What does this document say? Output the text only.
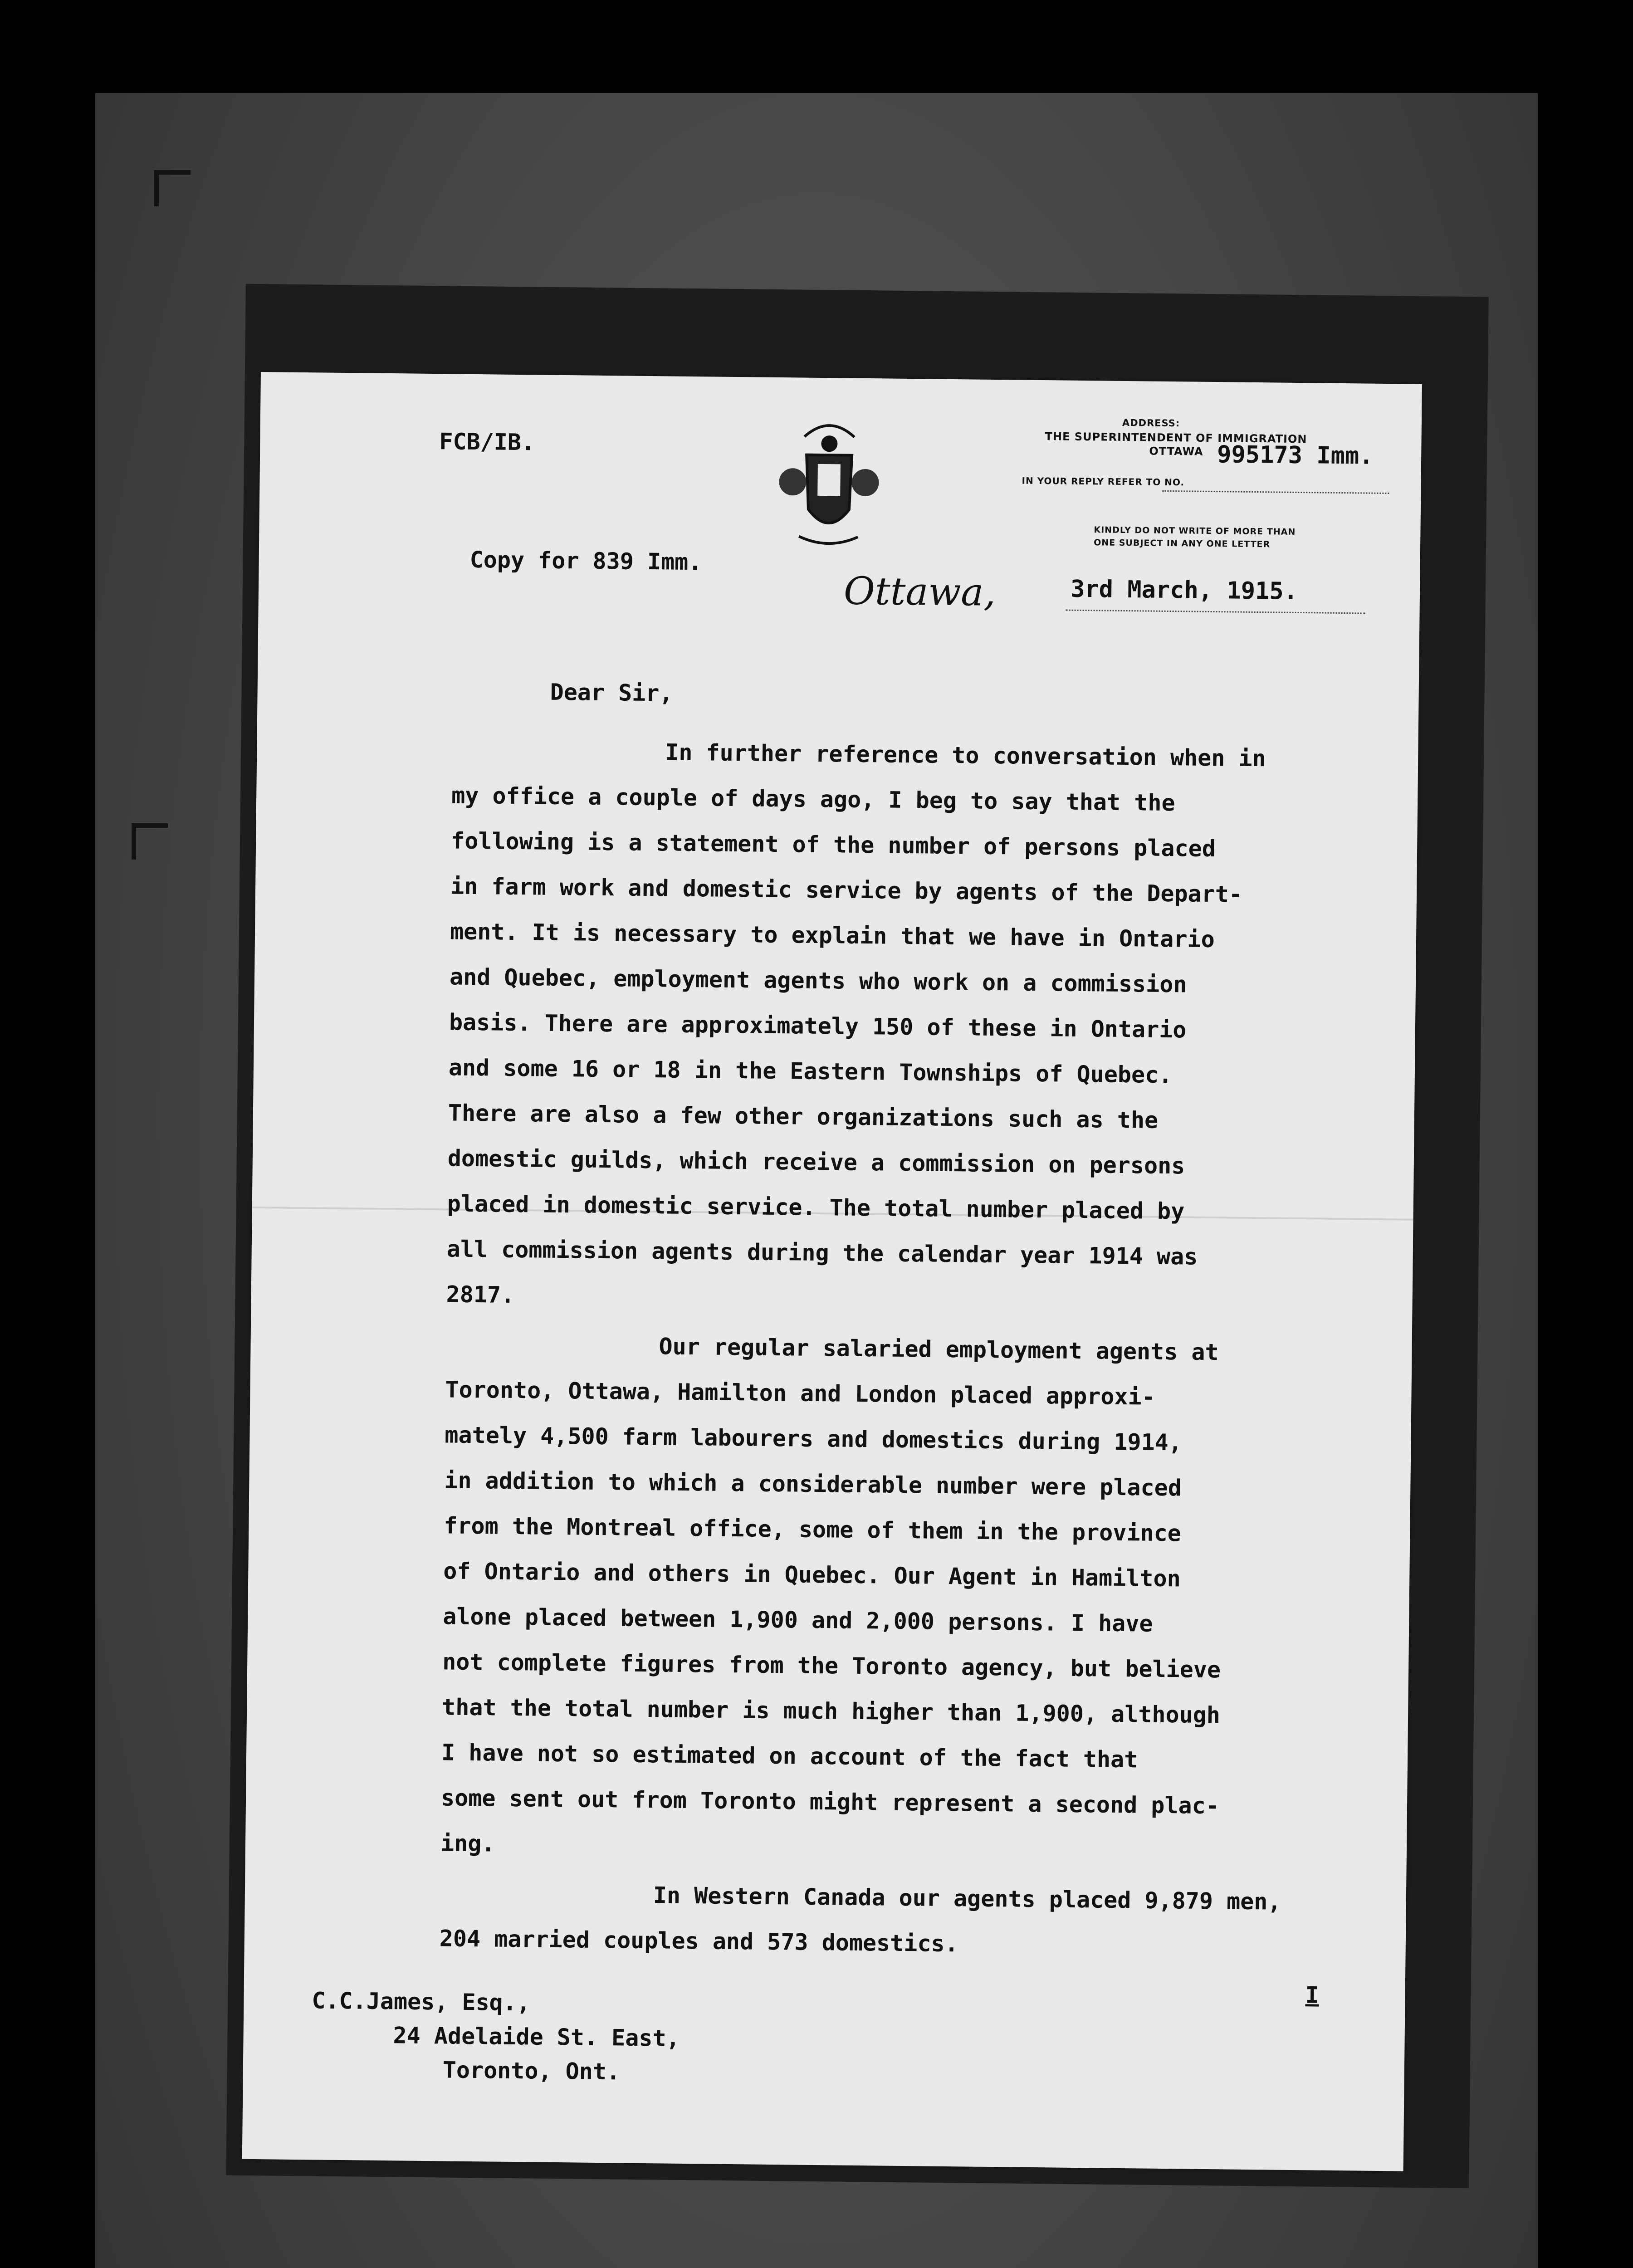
FCB/IB.
Copy for 839 Imm.
ADDRESS:
THE SUPERINTENDENT OF IMMIGRATION
OTTAWA 995173 Imm.
IN YOUR REPLY REFER TO NO.
KINDLY DO NOT WRITE OF MORE THAN
ONE SUBJECT IN ANY ONE LETTER
Ottawa,	3rd March, 1915.
Dear Sir,
In further reference to conversation when in
my office a couple of days ago, I beg to say that the
following is a statement of the number of persons placed
in farm work and domestic service by agents of the Depart-
ment. It is necessary to explain that we have in Ontario
and Quebec, employment agents who work on a commission
basis. There are approximately 150 of these in Ontario
and some 16 or 18 in the Eastern Townships of Quebec.
There are also a few other organizations such as the
domestic guilds, which receive a commission on persons
placed in domestic service. The total number placed by
all commission agents during the calendar year 1914 was
2817.
Our regular salaried employment agents at
Toronto, Ottawa, Hamilton and London placed approxi-
mately 4,500 farm labourers and domestics during 1914,
in addition to which a considerable number were placed
from the Montreal office, some of them in the province
of Ontario and others in Quebec. Our Agent in Hamilton
alone placed between 1,900 and 2,000 persons. I have
not complete figures from the Toronto agency, but believe
that the total number is much higher than 1,900, although
I have not so estimated on account of the fact that
some sent out from Toronto might represent a second plac-
ing.
In Western Canada our agents placed 9,879 men,
204 married couples and 573 domestics.
C.C.James, Esq.,
24 Adelaide St. East,
Toronto, Ont.
I
